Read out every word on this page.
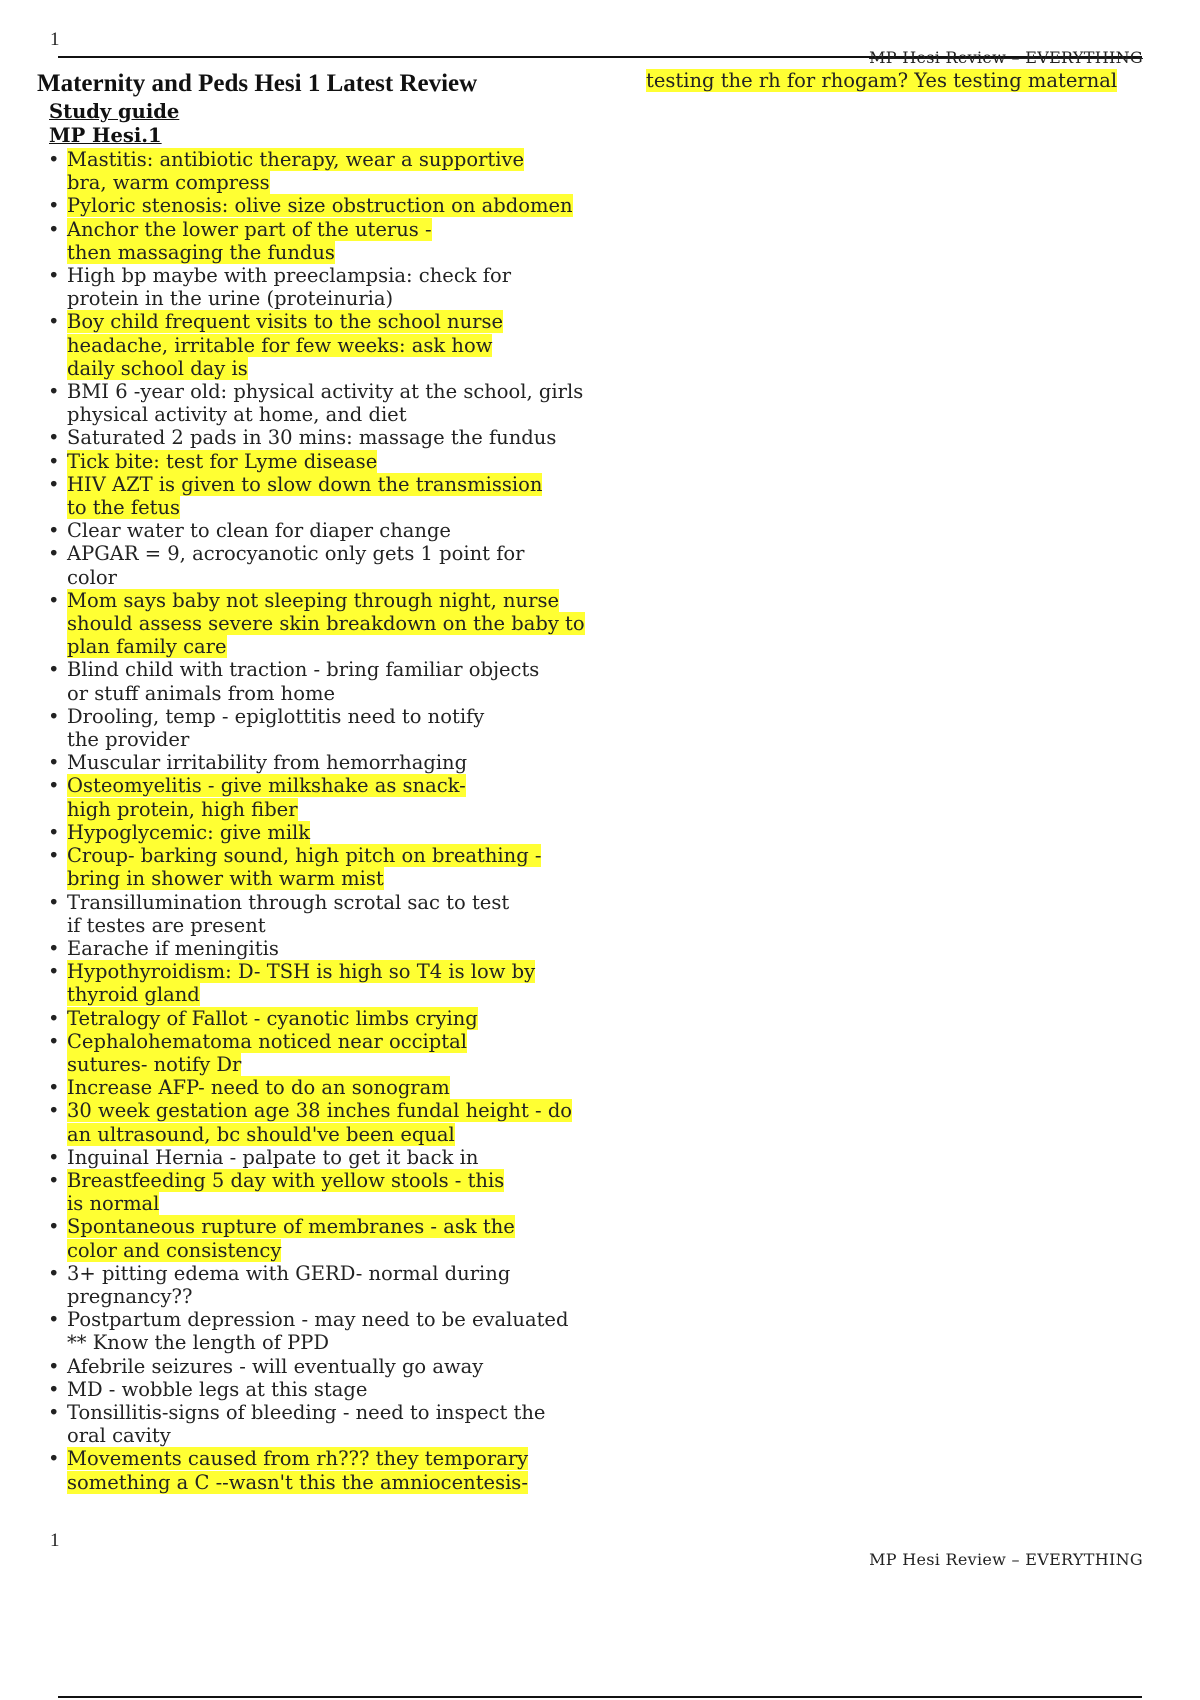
1
MP Hesi Review – EVERYTHING
testing the rh for rhogam? Yes testing maternal
Maternity and Peds Hesi 1 Latest Review
Study guide
MP Hesi.1
• Mastitis: antibiotic therapy, wear a supportive
bra, warm compress
• Pyloric stenosis: olive size obstruction on abdomen
• Anchor the lower part of the uterus -
then massaging the fundus
• High bp maybe with preeclampsia: check for
protein in the urine (proteinuria)
• Boy child frequent visits to the school nurse
headache, irritable for few weeks: ask how
daily school day is
• BMI 6 -year old: physical activity at the school, girls
physical activity at home, and diet
• Saturated 2 pads in 30 mins: massage the fundus
• Tick bite: test for Lyme disease
• HIV AZT is given to slow down the transmission
to the fetus
• Clear water to clean for diaper change
• APGAR = 9, acrocyanotic only gets 1 point for
color
• Mom says baby not sleeping through night, nurse
should assess severe skin breakdown on the baby to
plan family care
• Blind child with traction - bring familiar objects
or stuff animals from home
• Drooling, temp - epiglottitis need to notify
the provider
• Muscular irritability from hemorrhaging
• Osteomyelitis - give milkshake as snack-
high protein, high fiber
• Hypoglycemic: give milk
• Croup- barking sound, high pitch on breathing -
bring in shower with warm mist
• Transillumination through scrotal sac to test
if testes are present
• Earache if meningitis
• Hypothyroidism: D- TSH is high so T4 is low by
thyroid gland
• Tetralogy of Fallot - cyanotic limbs crying
• Cephalohematoma noticed near occiptal
sutures- notify Dr
• Increase AFP- need to do an sonogram
• 30 week gestation age 38 inches fundal height - do
an ultrasound, bc should've been equal
• Inguinal Hernia - palpate to get it back in
• Breastfeeding 5 day with yellow stools - this
is normal
• Spontaneous rupture of membranes - ask the
color and consistency
• 3+ pitting edema with GERD- normal during
pregnancy??
• Postpartum depression - may need to be evaluated
** Know the length of PPD
• Afebrile seizures - will eventually go away
• MD - wobble legs at this stage
• Tonsillitis-signs of bleeding - need to inspect the
oral cavity
• Movements caused from rh??? they temporary
something a C --wasn't this the amniocentesis-
1
MP Hesi Review – EVERYTHING
